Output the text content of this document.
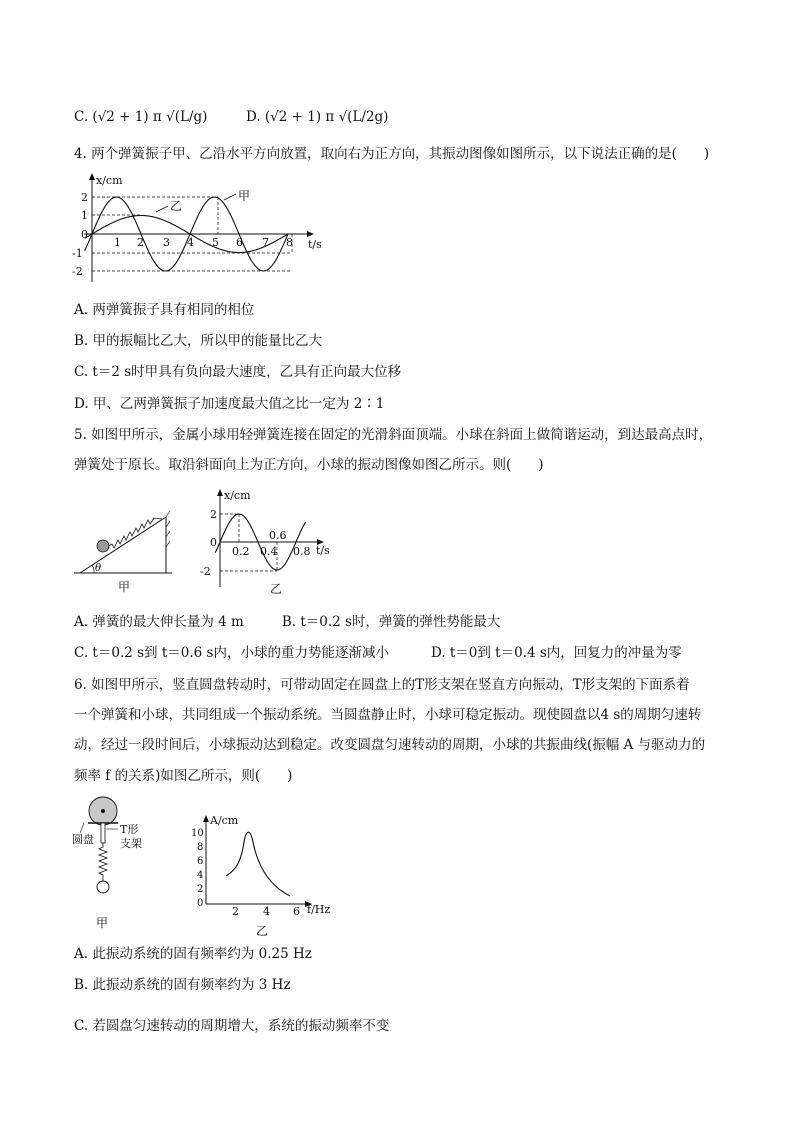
C. (√2 + 1) π √(L/g)	D. (√2 + 1) π √(L/2g)
4. 两个弹簧振子甲、乙沿水平方向放置，取向右为正方向，其振动图像如图所示，以下说法正确的是(　　)
x/cm
t/s
2
1
0
-1
-2
1 2 3 4 5 6 7 8
乙
甲
A. 两弹簧振子具有相同的相位
B. 甲的振幅比乙大，所以甲的能量比乙大
C. t＝2 s时甲具有负向最大速度，乙具有正向最大位移
D. 甲、乙两弹簧振子加速度最大值之比一定为 2∶1
5. 如图甲所示，金属小球用轻弹簧连接在固定的光滑斜面顶端。小球在斜面上做简谐运动，到达最高点时，
弹簧处于原长。取沿斜面向上为正方向，小球的振动图像如图乙所示。则(　　)
θ
甲
x/cm
t/s
2
0
-2
0.2 0.4
0.6
0.8
乙
A. 弹簧的最大伸长量为 4 m	B. t＝0.2 s时，弹簧的弹性势能最大
C. t＝0.2 s到 t＝0.6 s内，小球的重力势能逐渐减小	D. t＝0到 t＝0.4 s内，回复力的冲量为零
6. 如图甲所示，竖直圆盘转动时，可带动固定在圆盘上的T形支架在竖直方向振动，T形支架的下面系着
一个弹簧和小球，共同组成一个振动系统。当圆盘静止时，小球可稳定振动。现使圆盘以4 s的周期匀速转
动，经过一段时间后，小球振动达到稳定。改变圆盘匀速转动的周期，小球的共振曲线(振幅 A 与驱动力的
频率 f 的关系)如图乙所示，则(　　)
圆盘
T形
支架
甲
A/cm
f/Hz
10
8
6
4
2
0
2 4 6
乙
A. 此振动系统的固有频率约为 0.25 Hz
B. 此振动系统的固有频率约为 3 Hz
C. 若圆盘匀速转动的周期增大，系统的振动频率不变
